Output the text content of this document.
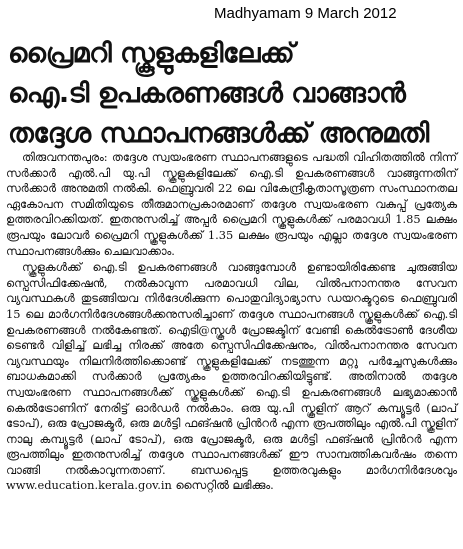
Madhyamam 9 March 2012
പ്രൈമറി സ്കൂളുകളിലേക്ക്
ഐ.ടി ഉപകരണങ്ങൾ വാങ്ങാൻ
തദ്ദേശ സ്ഥാപനങ്ങൾക്ക് അനുമതി

തിരുവനന്തപുരം: തദ്ദേശ സ്വയംഭരണ സ്ഥാപനങ്ങളുടെ പദ്ധതി വിഹിതത്തിൽ നിന്ന് സർക്കാർ എൽ.പി യു.പി സ്കൂളുകളിലേക്ക് ഐ.ടി ഉപകരണങ്ങൾ വാങ്ങുന്നതിന് സർക്കാർ അനുമതി നൽകി. ഫെബ്രുവരി 22 ലെ വികേന്ദ്രീകൃതാസൂത്രണ സംസ്ഥാനതല ഏകോപന സമിതിയുടെ തീരുമാനപ്രകാരമാണ് തദ്ദേശ സ്വയംഭരണ വകുപ്പ് പ്രത്യേക ഉത്തരവിറക്കിയത്. ഇതനുസരിച്ച് അപ്പർ പ്രൈമറി സ്കൂളുകൾക്ക് പരമാവധി 1.85 ലക്ഷം രൂപയും ലോവർ പ്രൈമറി സ്കൂളുകൾക്ക് 1.35 ലക്ഷം രൂപയും എല്ലാ തദ്ദേശ സ്വയംഭരണ സ്ഥാപനങ്ങൾക്കും ചെലവാക്കാം.

സ്കൂളുകൾക്ക് ഐ.ടി ഉപകരണങ്ങൾ വാങ്ങുമ്പോൾ ഉണ്ടായിരിക്കേണ്ട ചുരുങ്ങിയ സ്പെസിഫിക്കേഷൻ, നൽകാവുന്ന പരമാവധി വില, വിൽപനാനന്തര സേവന വ്യവസ്ഥകൾ തുടങ്ങിയവ നിർദേശിക്കുന്ന പൊതുവിദ്യാഭ്യാസ ഡയറക്ടറുടെ ഫെബ്രുവരി 15 ലെ മാർഗനിർദേശങ്ങൾക്കനുസരിച്ചാണ് തദ്ദേശ സ്ഥാപനങ്ങൾ സ്കൂളുകൾക്ക് ഐ.ടി ഉപകരണങ്ങൾ നൽകേണ്ടത്. ഐടി@സ്കൂൾ പ്രോജക്ടിന് വേണ്ടി കെൽട്രോൺ ദേശീയ ടെണ്ടർ വിളിച്ച് ലഭിച്ച നിരക്ക് അതേ സ്പെസിഫിക്കേഷനും, വിൽപനാനന്തര സേവന വ്യവസ്ഥയും നിലനിർത്തിക്കൊണ്ട് സ്കൂളുകളിലേക്ക് നടത്തുന്ന മറ്റു പർച്ചേസുകൾക്കും ബാധകമാക്കി സർക്കാർ പ്രത്യേകം ഉത്തരവിറക്കിയിട്ടുണ്ട്. അതിനാൽ തദ്ദേശ സ്വയംഭരണ സ്ഥാപനങ്ങൾക്ക് സ്കൂളുകൾക്ക് ഐ.ടി ഉപകരണങ്ങൾ ലഭ്യമാക്കാൻ കെൽട്രോണിന് നേരിട്ട് ഓർഡർ നൽകാം. ഒരു യു.പി സ്കൂളിന് ആറ് കമ്പ്യൂട്ടർ (ലാപ് ടോപ്), ഒരു പ്രോജക്ടർ, ഒരു മൾട്ടി ഫങ്ഷൻ പ്രിൻറർ എന്ന രൂപത്തിലും എൽ.പി സ്കൂളിന് നാലു കമ്പ്യൂട്ടർ (ലാപ് ടോപ്), ഒരു പ്രോജക്ടർ, ഒരു മൾട്ടി ഫങ്ഷൻ പ്രിൻറർ എന്ന രൂപത്തിലും ഇതനുസരിച്ച് തദ്ദേശ സ്ഥാപനങ്ങൾക്ക് ഈ സാമ്പത്തികവർഷം തന്നെ വാങ്ങി നൽകാവുന്നതാണ്. ബന്ധപ്പെട്ട ഉത്തരവുകളും മാർഗനിർദേശവും www.education.kerala.gov.in സൈറ്റിൽ ലഭിക്കും.
